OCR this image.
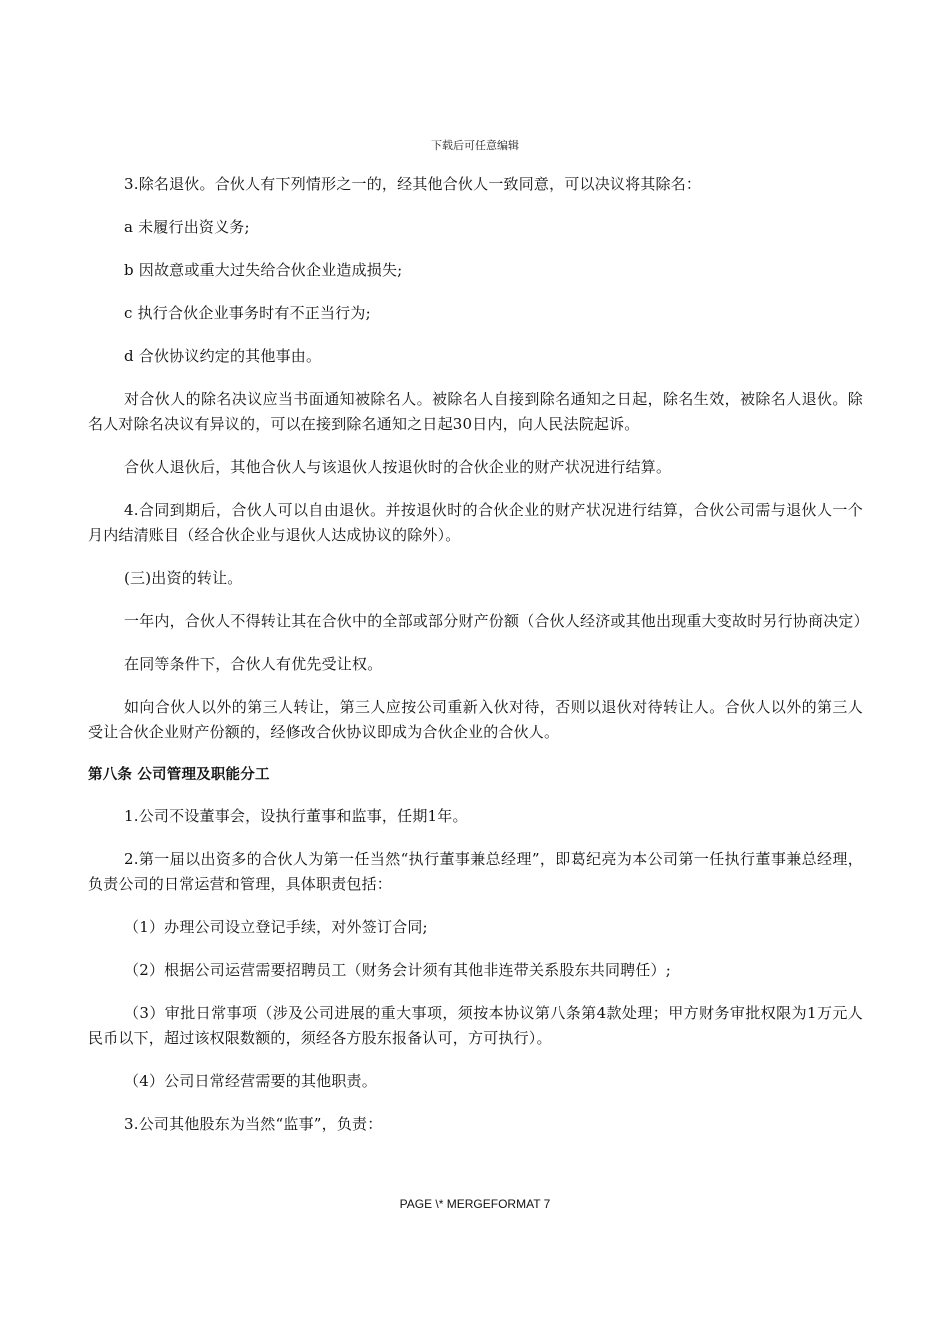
下载后可任意编辑

3.除名退伙。合伙人有下列情形之一的，经其他合伙人一致同意，可以决议将其除名：

a 未履行出资义务;

b 因故意或重大过失给合伙企业造成损失;

c 执行合伙企业事务时有不正当行为;

d 合伙协议约定的其他事由。

对合伙人的除名决议应当书面通知被除名人。被除名人自接到除名通知之日起，除名生效，被除名人退伙。除名人对除名决议有异议的，可以在接到除名通知之日起30日内，向人民法院起诉。

合伙人退伙后，其他合伙人与该退伙人按退伙时的合伙企业的财产状况进行结算。

4.合同到期后，合伙人可以自由退伙。并按退伙时的合伙企业的财产状况进行结算，合伙公司需与退伙人一个月内结清账目（经合伙企业与退伙人达成协议的除外）。

(三)出资的转让。

一年内，合伙人不得转让其在合伙中的全部或部分财产份额（合伙人经济或其他出现重大变故时另行协商决定）

在同等条件下，合伙人有优先受让权。

如向合伙人以外的第三人转让，第三人应按公司重新入伙对待，否则以退伙对待转让人。合伙人以外的第三人受让合伙企业财产份额的，经修改合伙协议即成为合伙企业的合伙人。

第八条 公司管理及职能分工

1.公司不设董事会，设执行董事和监事，任期1年。

2.第一届以出资多的合伙人为第一任当然“执行董事兼总经理”，即葛纪亮为本公司第一任执行董事兼总经理，负责公司的日常运营和管理，具体职责包括：

（1）办理公司设立登记手续，对外签订合同;

（2）根据公司运营需要招聘员工（财务会计须有其他非连带关系股东共同聘任）;

（3）审批日常事项（涉及公司进展的重大事项，须按本协议第八条第4款处理；甲方财务审批权限为1万元人民币以下，超过该权限数额的，须经各方股东报备认可，方可执行）。

（4）公司日常经营需要的其他职责。

3.公司其他股东为当然“监事”，负责：

PAGE \* MERGEFORMAT 7
